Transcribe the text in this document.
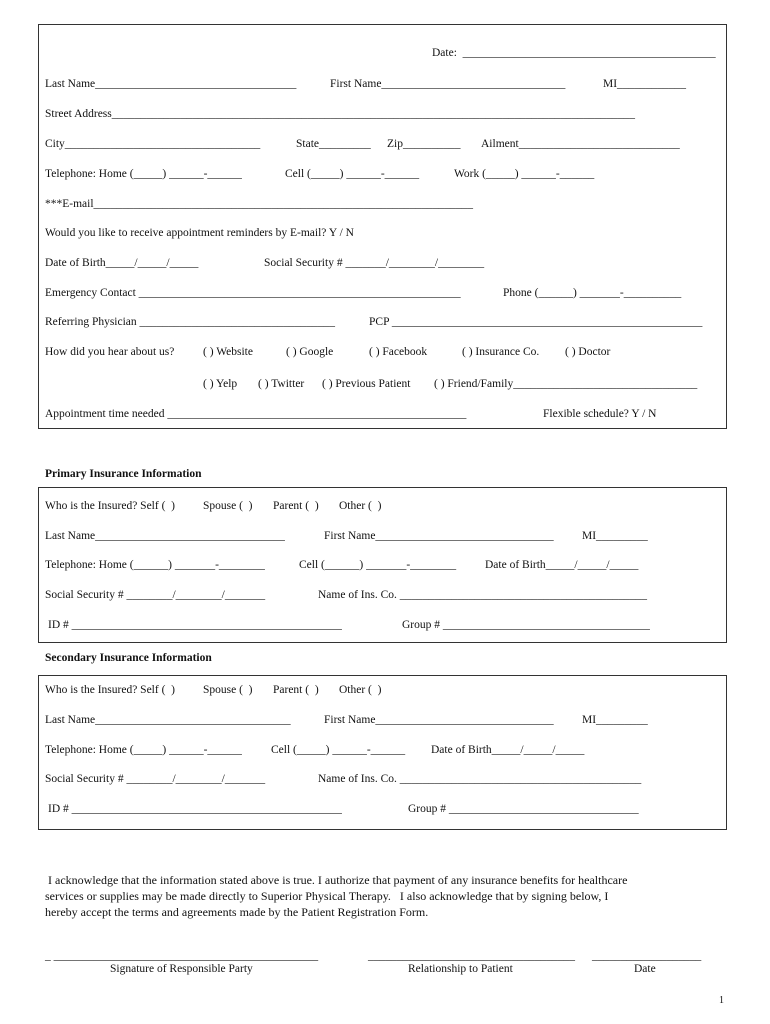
Date:  ____________________________________________
Last Name___________________________________	First Name________________________________	MI____________
Street Address___________________________________________________________________________________________
City__________________________________	State_________ Zip__________ Ailment____________________________
Telephone: Home (_____) ______-______	Cell (_____) ______-______	Work (_____) ______-______
***E-mail__________________________________________________________________
Would you like to receive appointment reminders by E-mail? Y / N
Date of Birth_____/_____/_____	Social Security # _______/________/________
Emergency Contact ________________________________________________________	Phone (______) _______-__________
Referring Physician __________________________________	PCP ______________________________________________________
How did you hear about us? ( ) Website	( ) Google	( ) Facebook	( ) Insurance Co. ( ) Doctor
( ) Yelp ( ) Twitter ( ) Previous Patient ( ) Friend/Family________________________________
Appointment time needed ____________________________________________________	Flexible schedule? Y / N
Primary Insurance Information
Who is the Insured? Self (  ) Spouse (  ) Parent (  ) Other (  )
Last Name_________________________________	First Name_______________________________ MI_________
Telephone: Home (______) _______-________	Cell (______) _______-________	Date of Birth_____/_____/_____
Social Security # ________/________/_______	Name of Ins. Co. ___________________________________________
ID # _______________________________________________	Group # ____________________________________
Secondary Insurance Information
Who is the Insured? Self (  ) Spouse (  ) Parent (  ) Other (  )
Last Name__________________________________	First Name_______________________________ MI_________
Telephone: Home (_____) ______-______	Cell (_____) ______-______ Date of Birth_____/_____/_____
Social Security # ________/________/_______	Name of Ins. Co. __________________________________________
ID # _______________________________________________	Group # _________________________________
I acknowledge that the information stated above is true. I authorize that payment of any insurance benefits for healthcare
services or supplies may be made directly to Superior Physical Therapy.   I also acknowledge that by signing below, I
hereby accept the terms and agreements made by the Patient Registration Form.
_ ______________________________________________	____________________________________ ___________________
Signature of Responsible Party	Relationship to Patient	Date
1
